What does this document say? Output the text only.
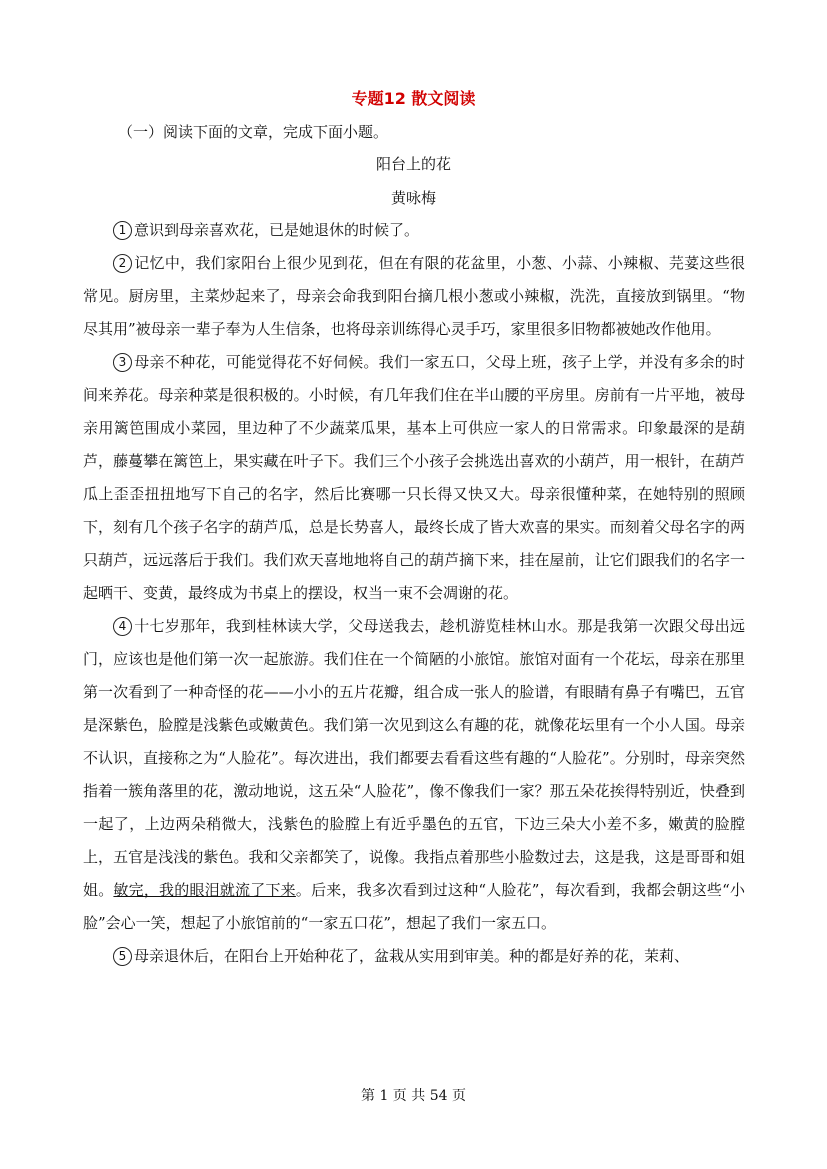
专题12 散文阅读
（一）阅读下面的文章，完成下面小题。
阳台上的花
黄咏梅

1 意识到母亲喜欢花，已是她退休的时候了。

2 记忆中，我们家阳台上很少见到花，但在有限的花盆里，小葱、小蒜、小辣椒、芫荽这些很常见。厨房里，主菜炒起来了，母亲会命我到阳台摘几根小葱或小辣椒，洗洗，直接放到锅里。“物尽其用”被母亲一辈子奉为人生信条，也将母亲训练得心灵手巧，家里很多旧物都被她改作他用。

3 母亲不种花，可能觉得花不好伺候。我们一家五口，父母上班，孩子上学，并没有多余的时间来养花。母亲种菜是很积极的。小时候，有几年我们住在半山腰的平房里。房前有一片平地，被母亲用篱笆围成小菜园，里边种了不少蔬菜瓜果，基本上可供应一家人的日常需求。印象最深的是葫芦，藤蔓攀在篱笆上，果实藏在叶子下。我们三个小孩子会挑选出喜欢的小葫芦，用一根针，在葫芦瓜上歪歪扭扭地写下自己的名字，然后比赛哪一只长得又快又大。母亲很懂种菜，在她特别的照顾下，刻有几个孩子名字的葫芦瓜，总是长势喜人，最终长成了皆大欢喜的果实。而刻着父母名字的两只葫芦，远远落后于我们。我们欢天喜地地将自己的葫芦摘下来，挂在屋前，让它们跟我们的名字一起晒干、变黄，最终成为书桌上的摆设，权当一束不会凋谢的花。

4 十七岁那年，我到桂林读大学，父母送我去，趁机游览桂林山水。那是我第一次跟父母出远门，应该也是他们第一次一起旅游。我们住在一个简陋的小旅馆。旅馆对面有一个花坛，母亲在那里第一次看到了一种奇怪的花——小小的五片花瓣，组合成一张人的脸谱，有眼睛有鼻子有嘴巴，五官是深紫色，脸膛是浅紫色或嫩黄色。我们第一次见到这么有趣的花，就像花坛里有一个小人国。母亲不认识，直接称之为“人脸花”。每次进出，我们都要去看看这些有趣的“人脸花”。分别时，母亲突然指着一簇角落里的花，激动地说，这五朵“人脸花”，像不像我们一家？那五朵花挨得特别近，快叠到一起了，上边两朵稍微大，浅紫色的脸膛上有近乎墨色的五官，下边三朵大小差不多，嫩黄的脸膛上，五官是浅浅的紫色。我和父亲都笑了，说像。我指点着那些小脸数过去，这是我，这是哥哥和姐姐。敏完，我的眼泪就流了下来。后来，我多次看到过这种“人脸花”，每次看到，我都会朝这些“小脸”会心一笑，想起了小旅馆前的“一家五口花”，想起了我们一家五口。

5 母亲退休后，在阳台上开始种花了，盆栽从实用到审美。种的都是好养的花，茉莉、

第 1 页 共 54 页
